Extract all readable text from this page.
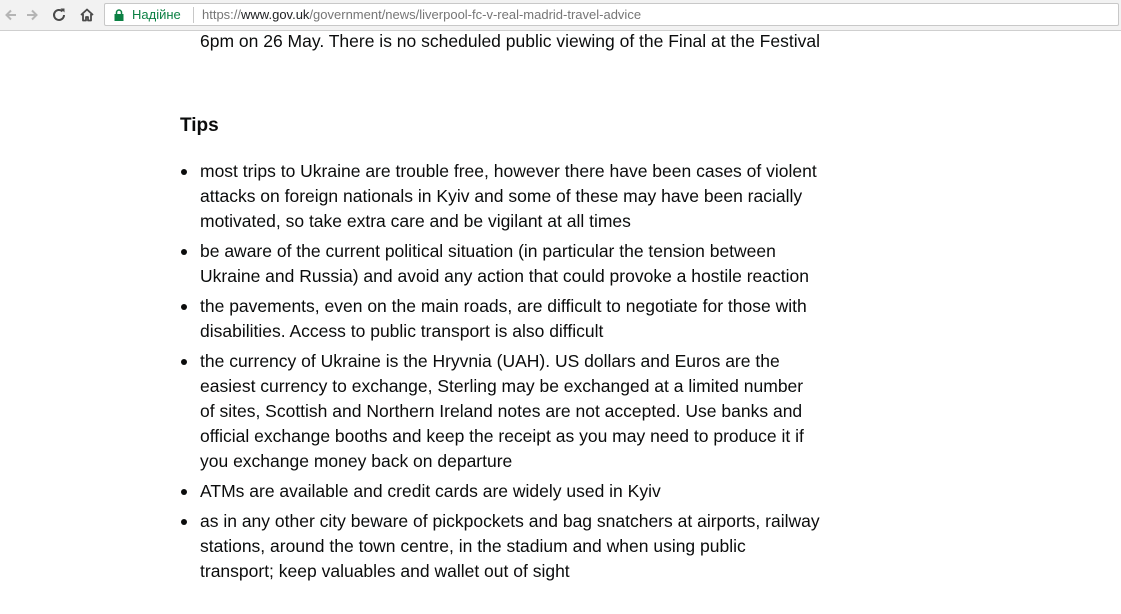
Надійне https://www.gov.uk/government/news/liverpool-fc-v-real-madrid-travel-advice

6pm on 26 May. There is no scheduled public viewing of the Final at the Festival

Tips
most trips to Ukraine are trouble free, however there have been cases of violent attacks on foreign nationals in Kyiv and some of these may have been racially motivated, so take extra care and be vigilant at all times
be aware of the current political situation (in particular the tension between Ukraine and Russia) and avoid any action that could provoke a hostile reaction
the pavements, even on the main roads, are difficult to negotiate for those with disabilities. Access to public transport is also difficult
the currency of Ukraine is the Hryvnia (UAH). US dollars and Euros are the easiest currency to exchange, Sterling may be exchanged at a limited number of sites, Scottish and Northern Ireland notes are not accepted. Use banks and official exchange booths and keep the receipt as you may need to produce it if you exchange money back on departure
ATMs are available and credit cards are widely used in Kyiv
as in any other city beware of pickpockets and bag snatchers at airports, railway stations, around the town centre, in the stadium and when using public transport; keep valuables and wallet out of sight
